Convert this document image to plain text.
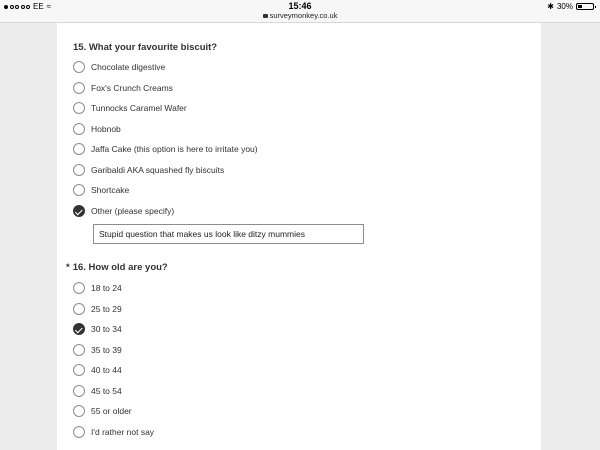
EE ≈	15:46
surveymonkey.co.uk
✱ 30%
15. What your favourite biscuit?
Chocolate digestive
Fox's Crunch Creams
Tunnocks Caramel Wafer
Hobnob
Jaffa Cake (this option is here to irritate you)
Garibaldi AKA squashed fly biscuits
Shortcake
Other (please specify)
Stupid question that makes us look like ditzy mummies
* 16. How old are you?
18 to 24
25 to 29
30 to 34
35 to 39
40 to 44
45 to 54
55 or older
I'd rather not say
